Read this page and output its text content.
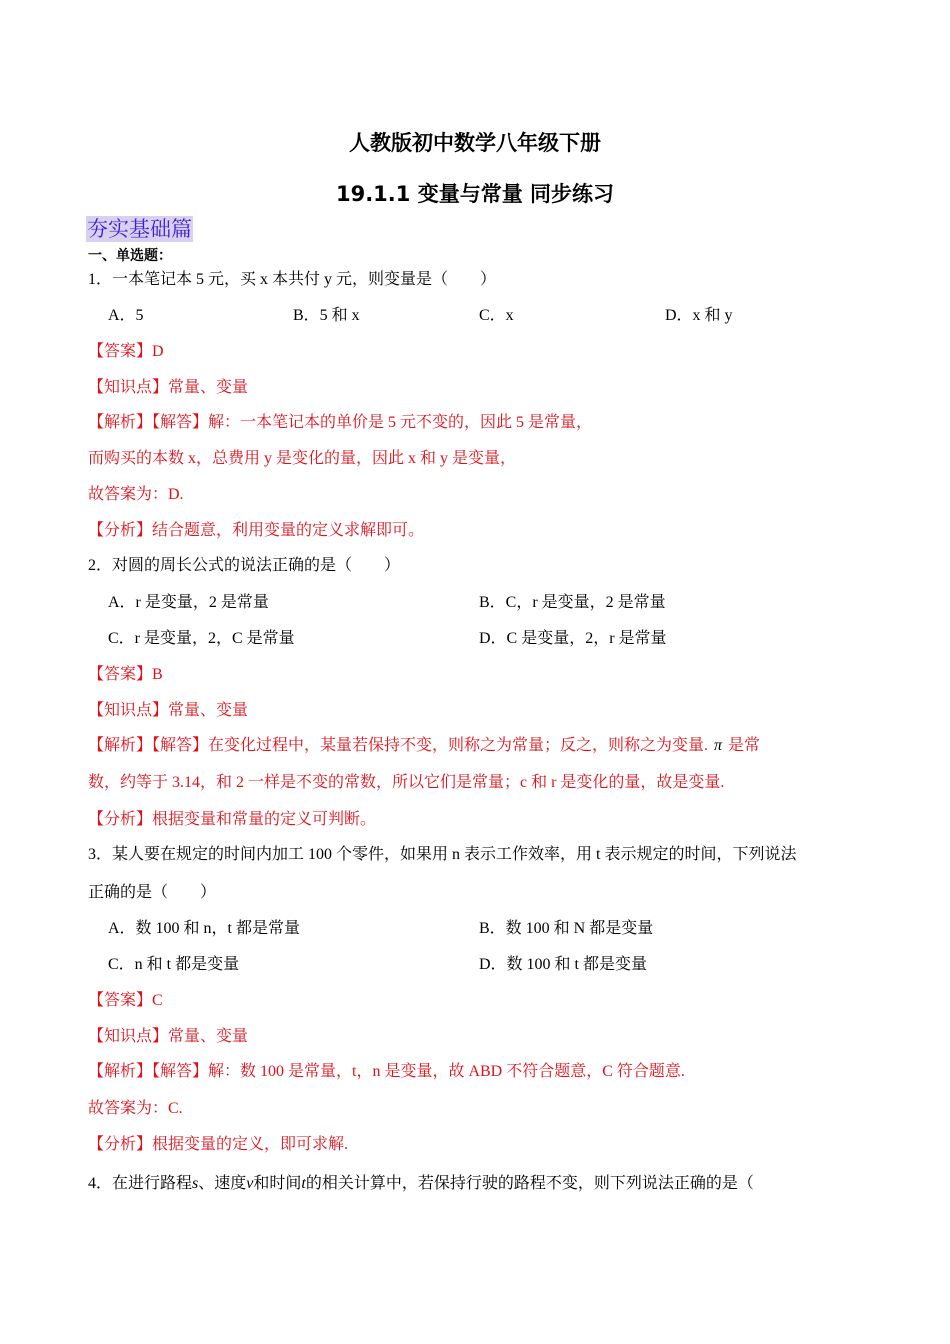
人教版初中数学八年级下册
19.1.1 变量与常量 同步练习
夯实基础篇
一、单选题：
1．一本笔记本 5 元，买 x 本共付 y 元，则变量是（　　）
A．5	B．5 和 x	C．x	D．x 和 y
【答案】D
【知识点】常量、变量
【解析】【解答】解：一本笔记本的单价是 5 元不变的，因此 5 是常量，
而购买的本数 x，总费用 y 是变化的量，因此 x 和 y 是变量，
故答案为：D.
【分析】结合题意，利用变量的定义求解即可。
2．对圆的周长公式的说法正确的是（　　）
A．r 是变量，2 是常量	B．C，r 是变量，2 是常量
C．r 是变量，2，C 是常量	D．C 是变量，2，r 是常量
【答案】B
【知识点】常量、变量
【解析】【解答】在变化过程中，某量若保持不变，则称之为常量；反之，则称之为变量. π 是常
数，约等于 3.14，和 2 一样是不变的常数，所以它们是常量；c 和 r 是变化的量，故是变量.
【分析】根据变量和常量的定义可判断。
3．某人要在规定的时间内加工 100 个零件，如果用 n 表示工作效率，用 t 表示规定的时间，下列说法
正确的是（　　）
A．数 100 和 n，t 都是常量	B．数 100 和 N 都是变量
C．n 和 t 都是变量	D．数 100 和 t 都是变量
【答案】C
【知识点】常量、变量
【解析】【解答】解：数 100 是常量，t，n 是变量，故 ABD 不符合题意，C 符合题意.
故答案为：C.
【分析】根据变量的定义，即可求解.
4．在进行路程s、速度v和时间t的相关计算中，若保持行驶的路程不变，则下列说法正确的是（
